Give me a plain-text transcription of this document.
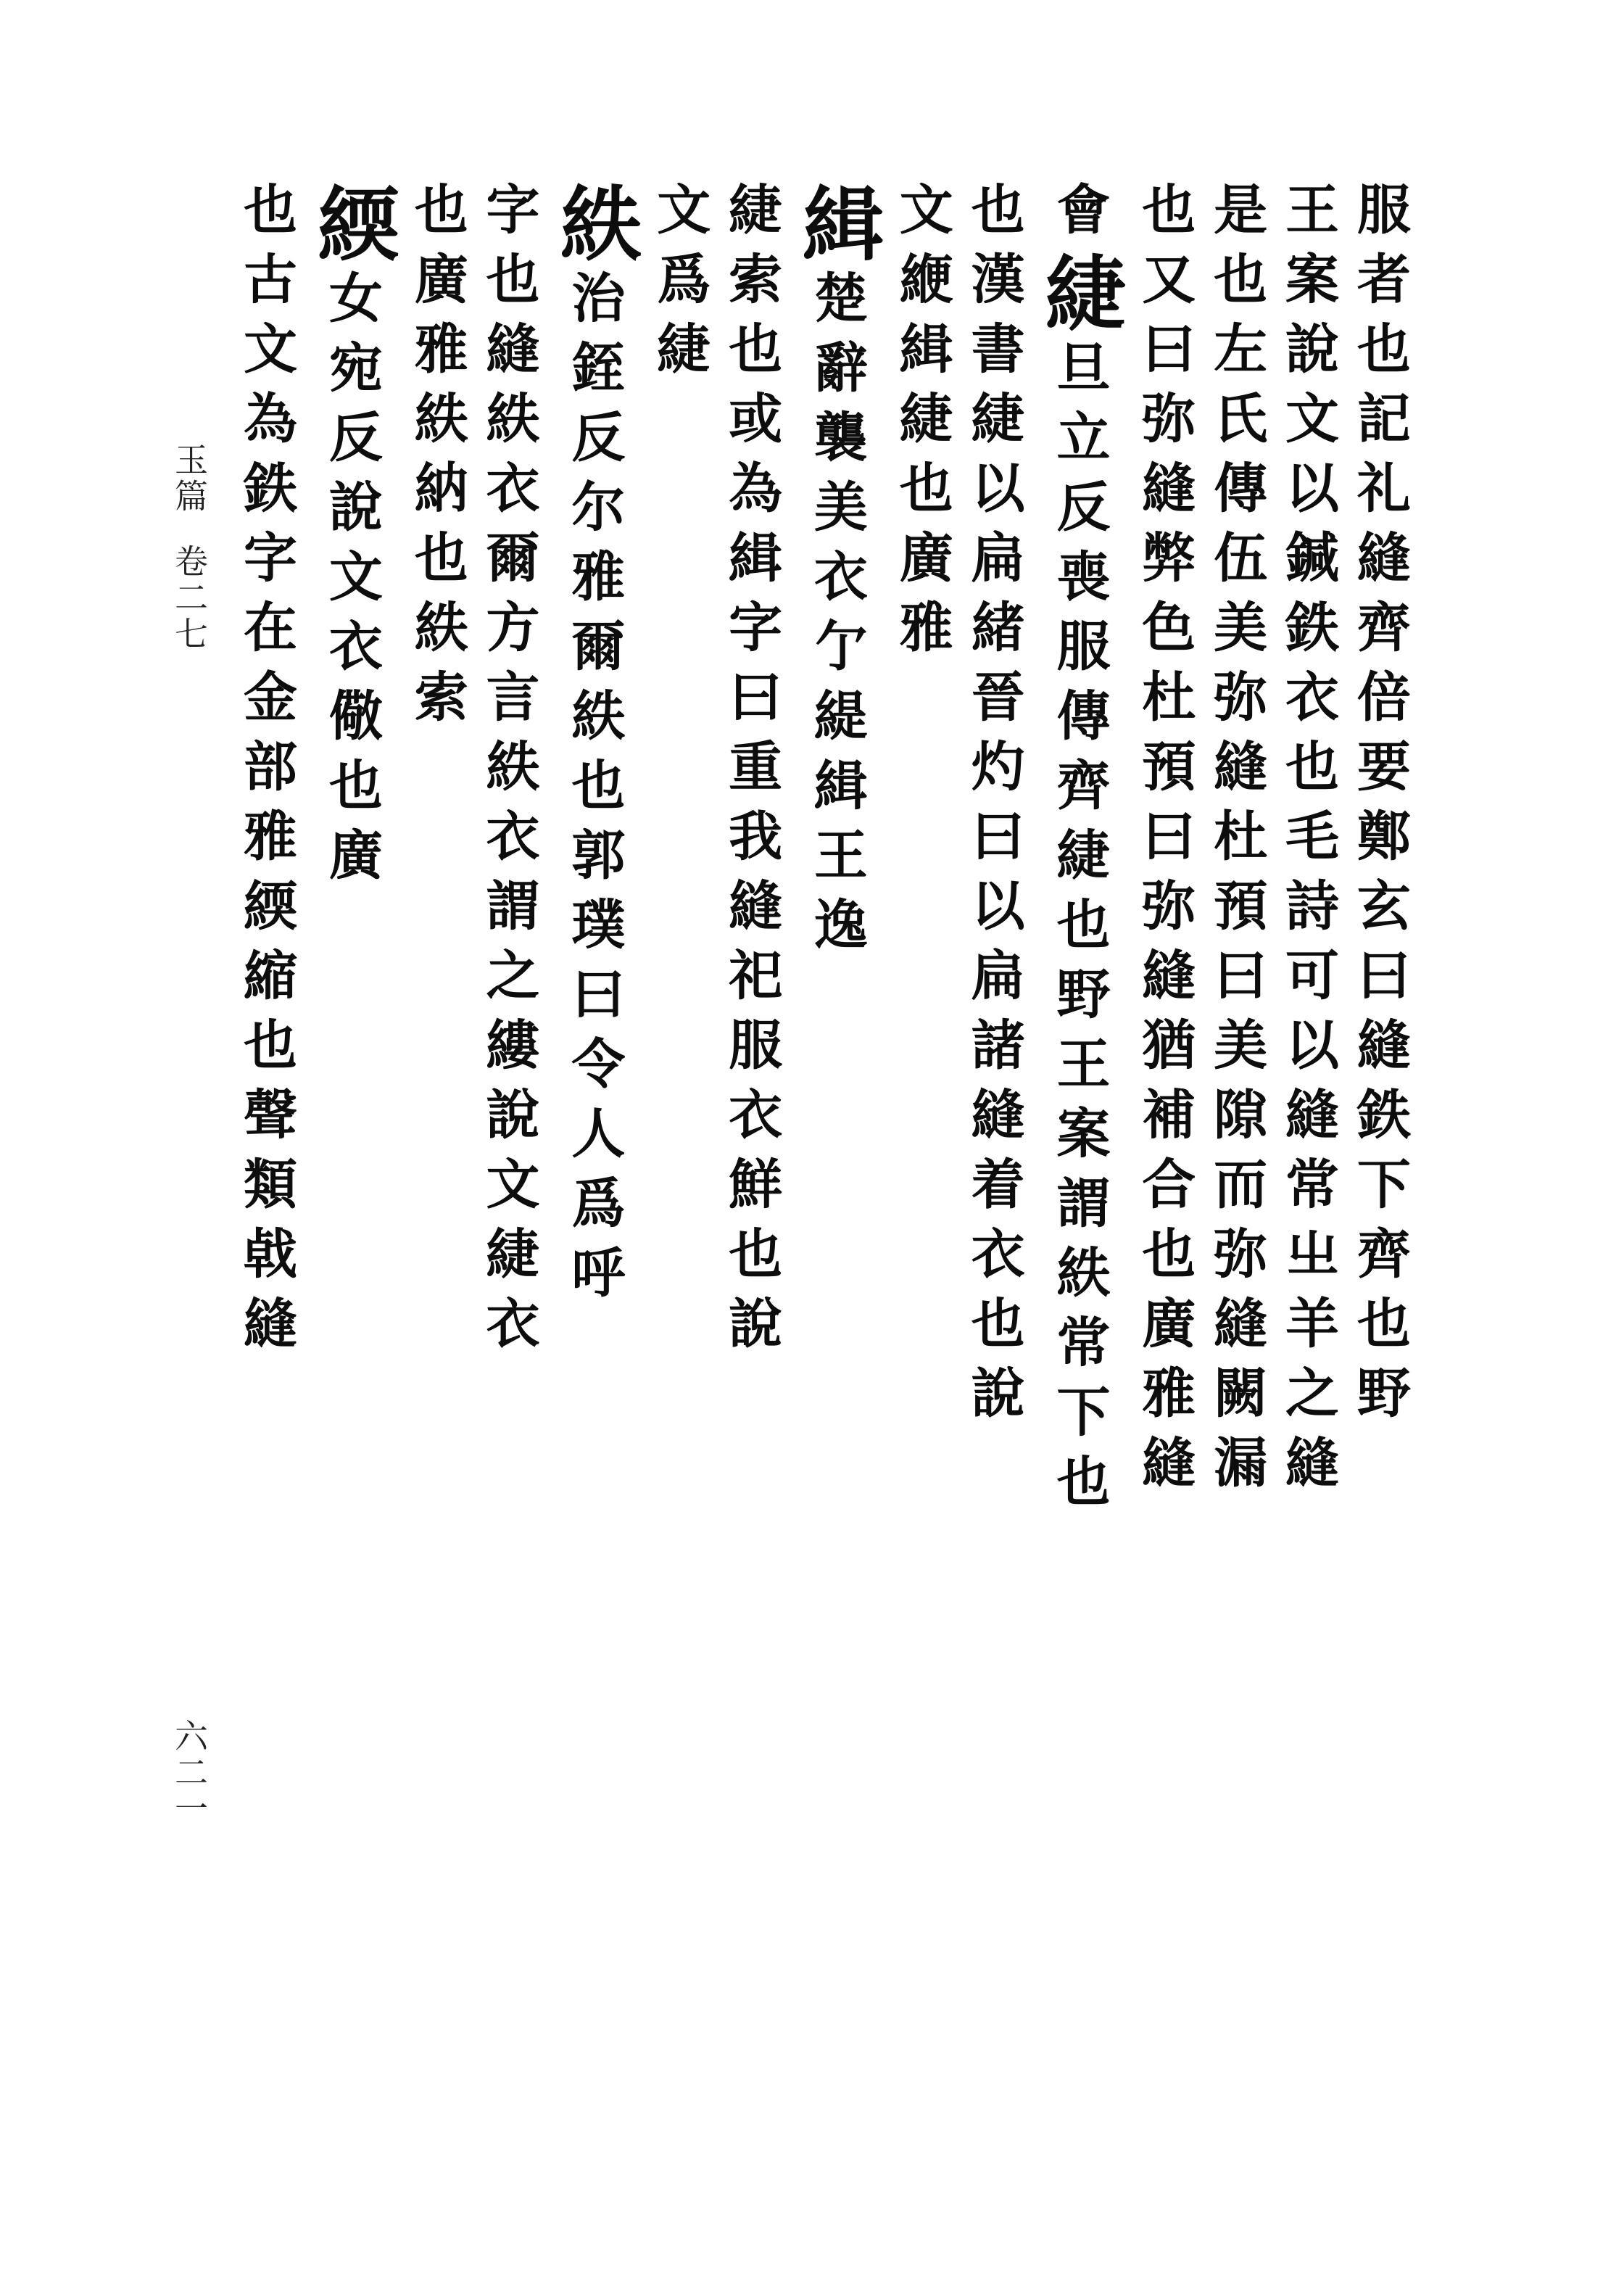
服者也記礼縫齊倍要鄭玄曰縫鉄下齊也野
王案說文以鍼鉄衣也毛詩可以縫常㞢羊之縫
是也左氏傳伍美弥縫杜預曰美隙而弥縫闕漏
也又曰弥縫弊色杜預曰弥縫猶補合也廣雅縫
會緁旦立反喪服傳齊緁也野王案謂紩常下也
也漢書緁以扁緒晉灼曰以扁諸縫着衣也說
文緶緝緁也廣雅
緝楚辭襲美衣亇緹緝王逸
緁索也或為緝字曰重我縫祀服衣鮮也說
文爲緁
紩治銍反尔雅爾紩也郭璞曰令人爲呼
字也縫紩衣爾方言紩衣謂之縷說文緁衣
也廣雅紩納也紩索
緛女宛反說文衣儆也廣
也古文為鉄字在金部雅緛縮也聲類㦸縫
玉篇卷二七
六二一
